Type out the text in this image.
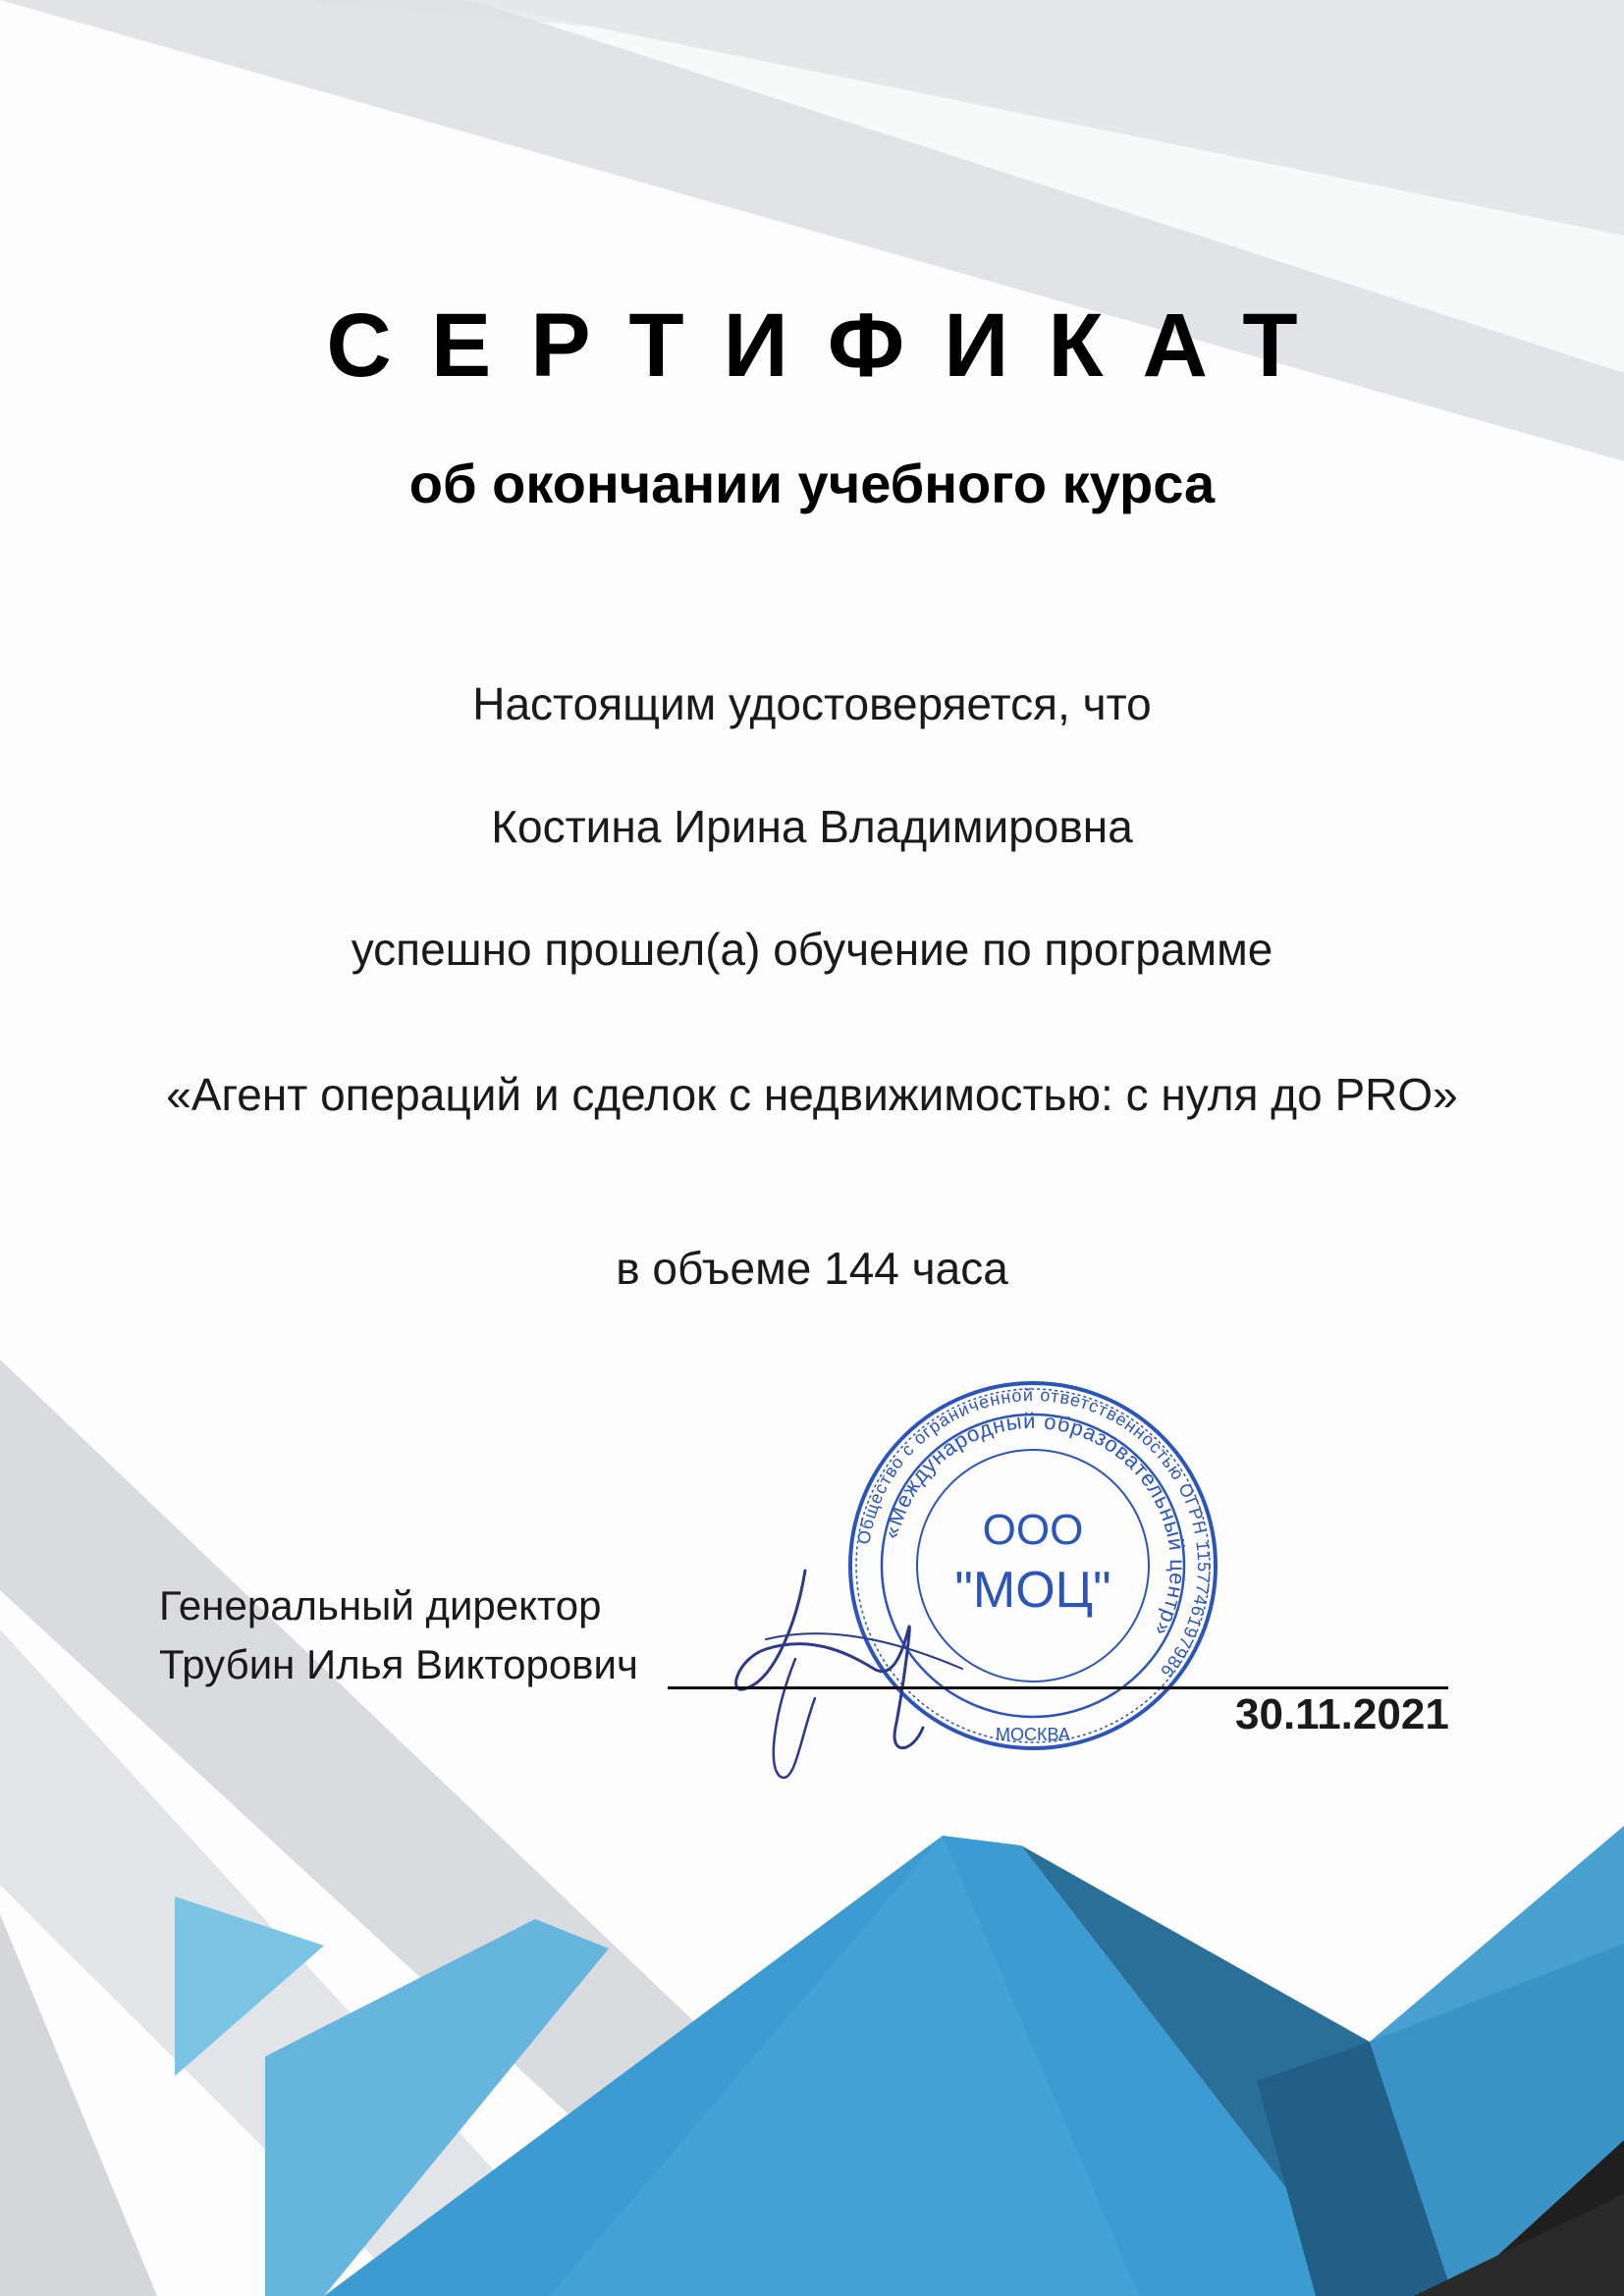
СЕРТИФИКАТ
об окончании учебного курса
Настоящим удостоверяется, что
Костина Ирина Владимировна
успешно прошел(а) обучение по программе
«Агент операций и сделок с недвижимостью: с нуля до PRO»
в объеме 144 часа
Общество с ограниченной ответственностью ОГРН 1157746197986
«Международный образовательный центр»
МОСКВА
ООО
"МОЦ"
Генеральный директор
Трубин Илья Викторович
30.11.2021
